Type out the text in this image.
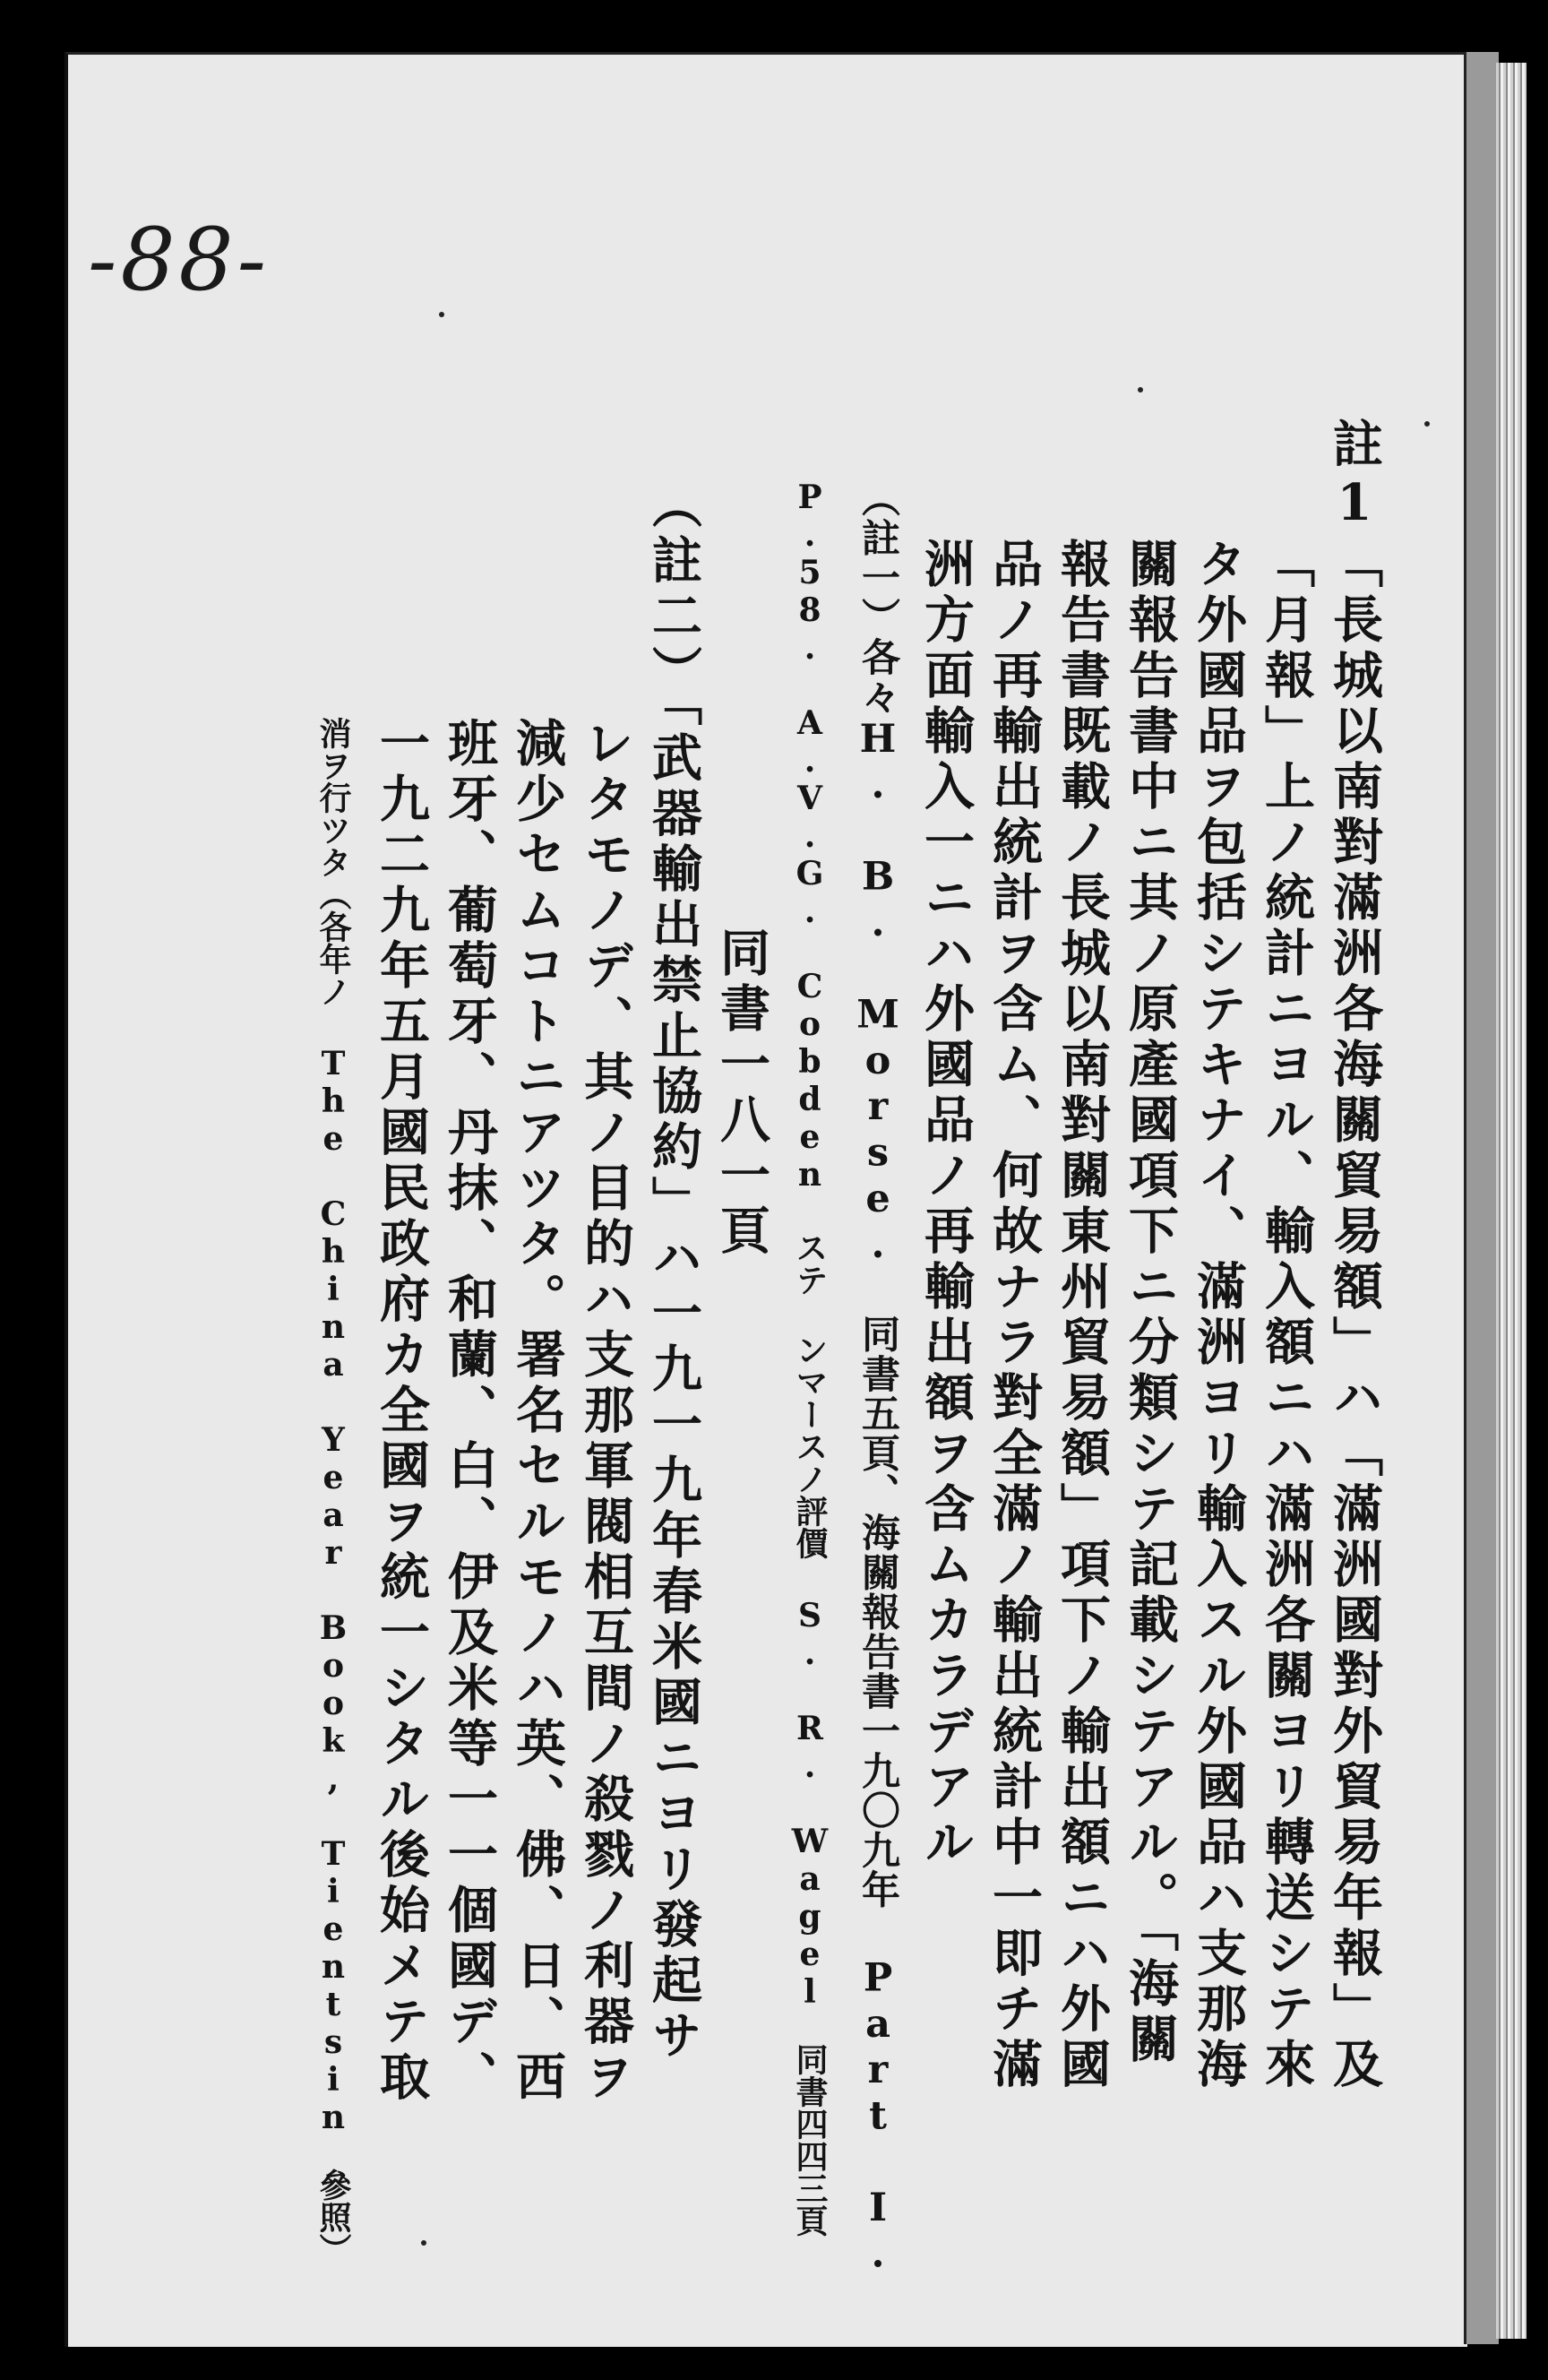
-88-

註1「長城以南對滿洲各海關貿易額」ハ「滿洲國對外貿易年報」及
「月報」上ノ統計ニヨル、輸入額ニハ滿洲各關ヨリ轉送シテ來
タ外國品ヲ包括シテキナイ、滿洲ヨリ輸入スル外國品ハ支那海
關報告書中ニ其ノ原產國項下ニ分類シテ記載シテアル。「海關
報告書既載ノ長城以南對關東州貿易額」項下ノ輸出額ニハ外國
品ノ再輸出統計ヲ含ム、何故ナラ對全滿ノ輸出統計中一即チ滿
洲方面輸入一ニハ外國品ノ再輸出額ヲ含ムカラデアル
（註一）各々H. B. Morse. 同書五頁、海關報告書一九〇九年 Part I.
P.58. A.V.G. Cobden ステ ンマースノ評價 S. R. Wagel　同書四四三頁
同書一八一頁
（註二）「武器輸出禁止協約」ハ一九一九年春米國ニヨリ發起サ
レタモノデ、其ノ目的ハ支那軍閥相互間ノ殺戮ノ利器ヲ
減少セムコトニアツタ。署名セルモノハ英、佛、日、西
班牙、葡萄牙、丹抹、和蘭、白、伊及米等一一個國デ、
一九二九年五月國民政府カ全國ヲ統一シタル後始メテ取
消ヲ行ツタ（各年ノ The China Year Book, Tientsin　參照）
